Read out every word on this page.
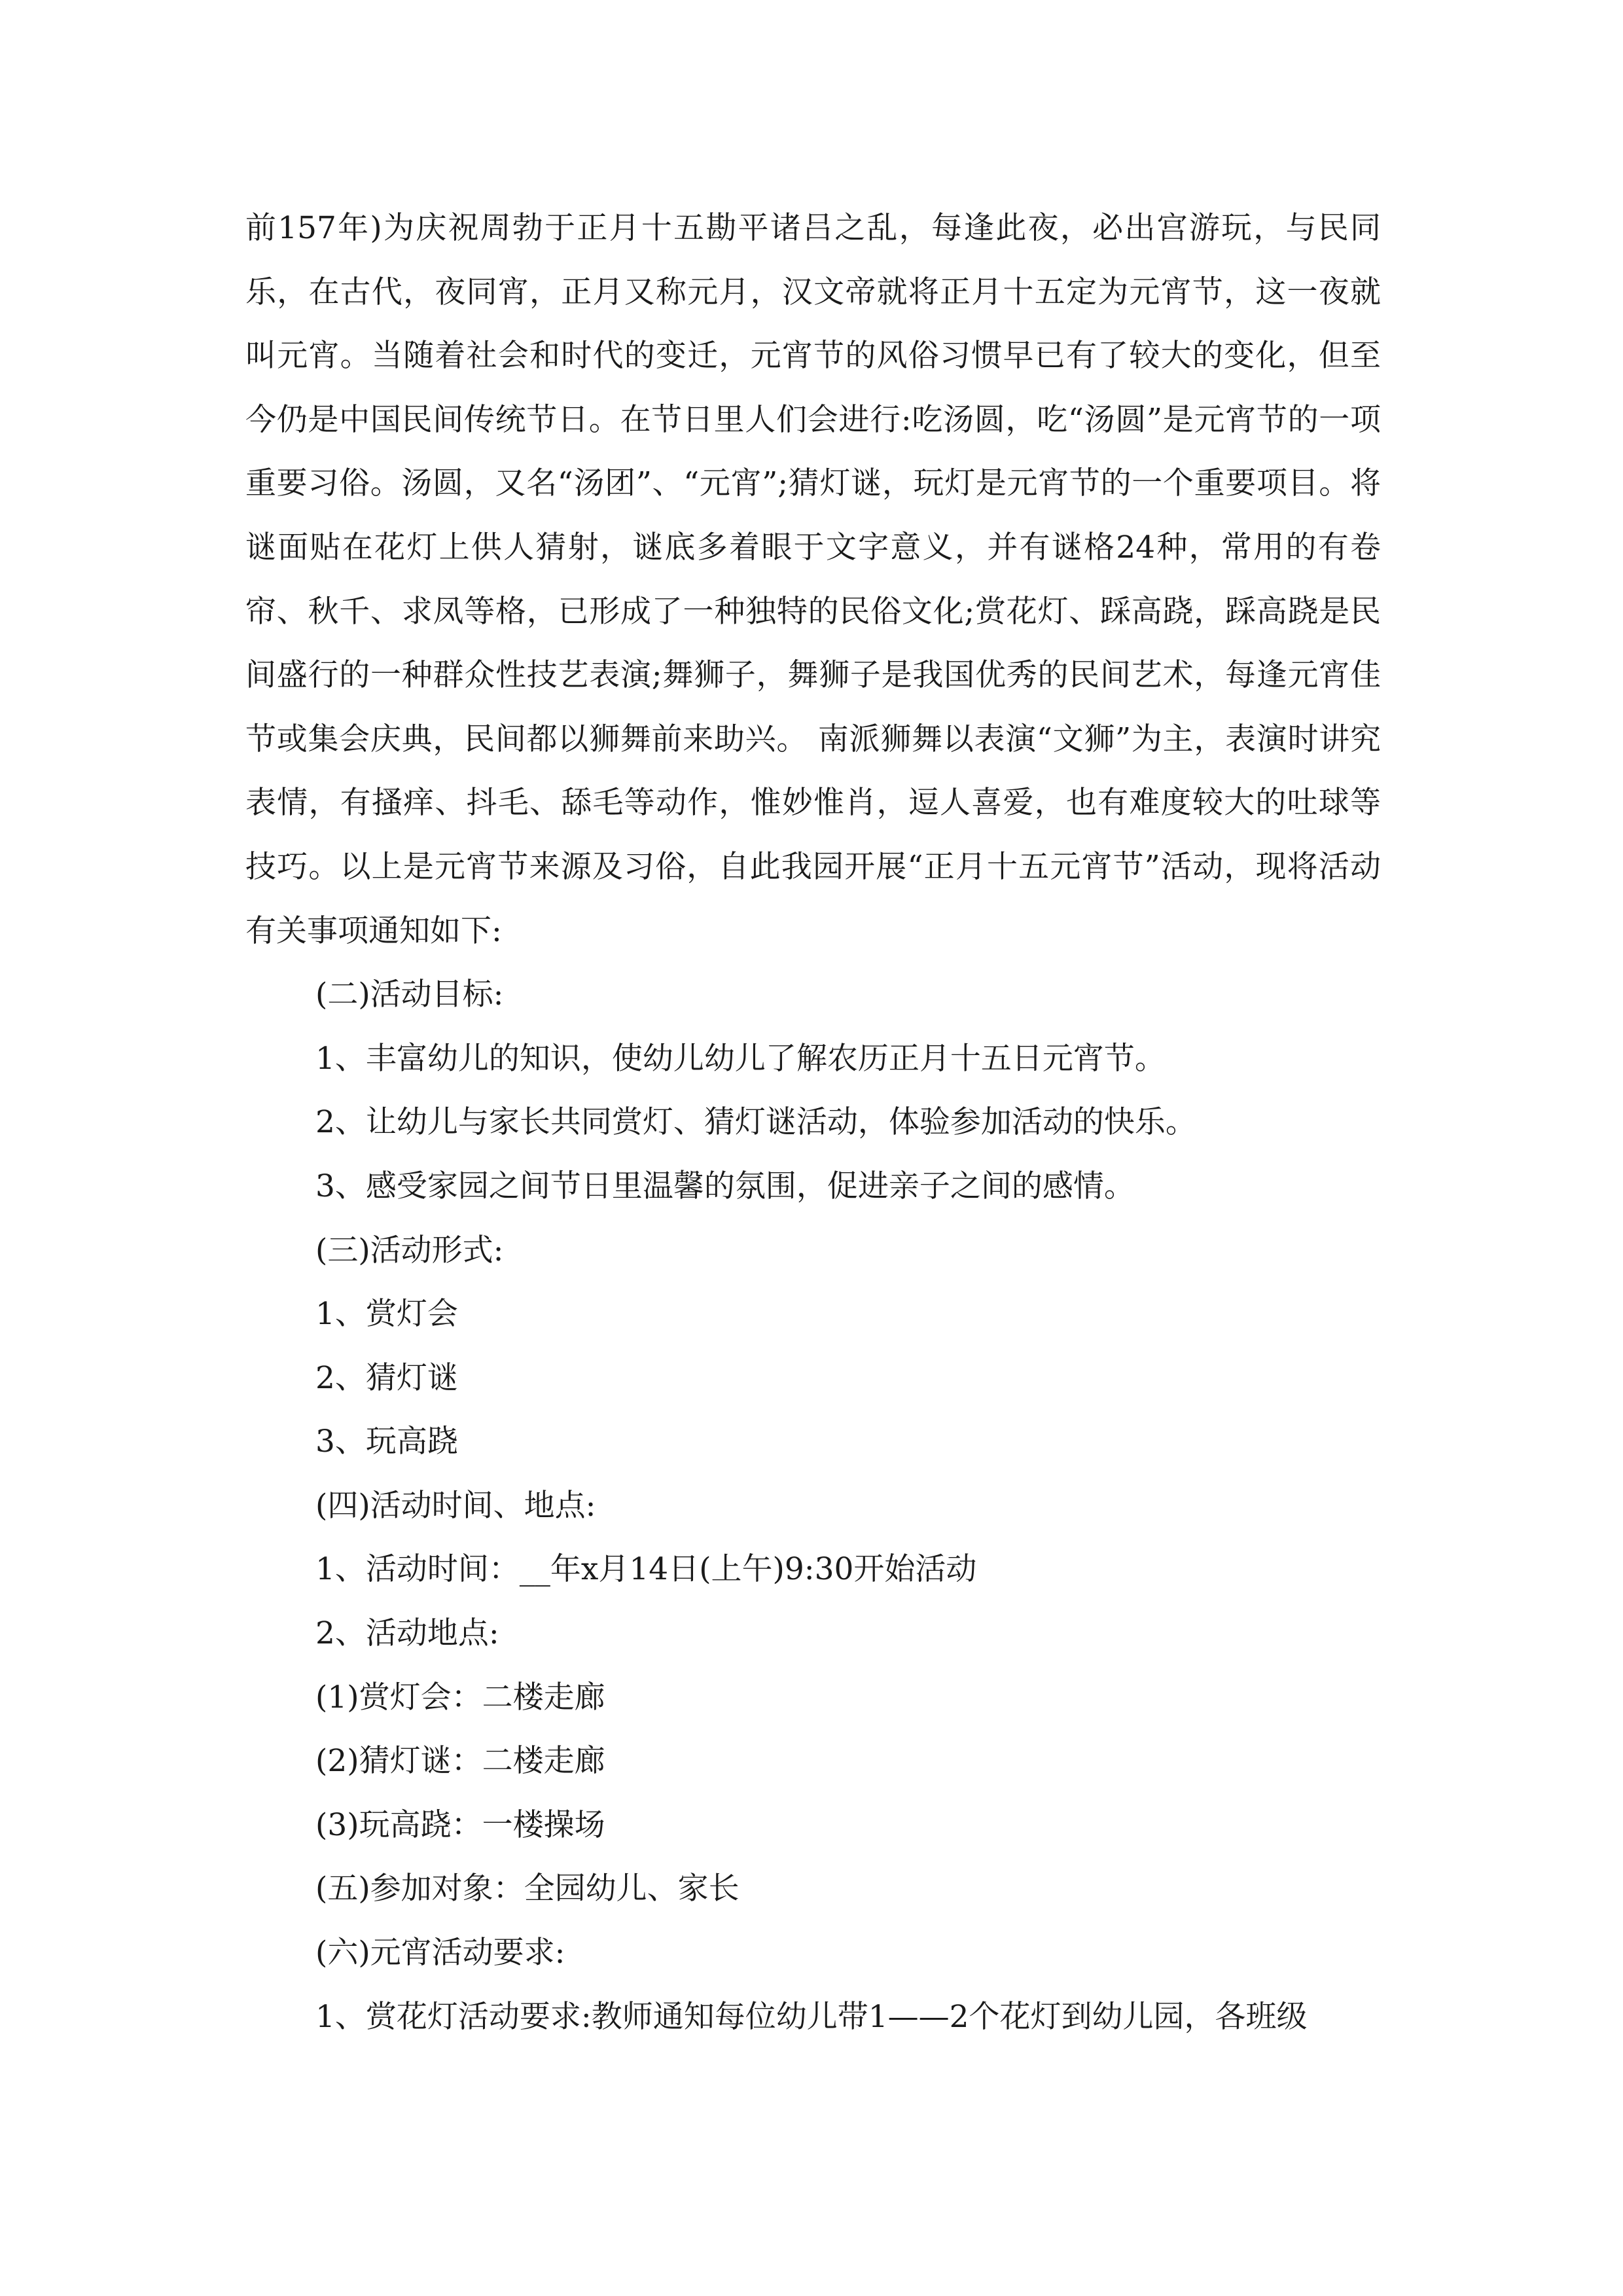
前157年)为庆祝周勃于正月十五勘平诸吕之乱，每逢此夜，必出宫游玩，与民同乐，在古代，夜同宵，正月又称元月，汉文帝就将正月十五定为元宵节，这一夜就叫元宵。当随着社会和时代的变迁，元宵节的风俗习惯早已有了较大的变化，但至今仍是中国民间传统节日。在节日里人们会进行:吃汤圆，吃“汤圆”是元宵节的一项重要习俗。汤圆，又名“汤团”、“元宵”;猜灯谜，玩灯是元宵节的一个重要项目。将谜面贴在花灯上供人猜射，谜底多着眼于文字意义，并有谜格24种，常用的有卷帘、秋千、求凤等格，已形成了一种独特的民俗文化;赏花灯、踩高跷，踩高跷是民间盛行的一种群众性技艺表演;舞狮子，舞狮子是我国优秀的民间艺术，每逢元宵佳节或集会庆典，民间都以狮舞前来助兴。 南派狮舞以表演“文狮”为主，表演时讲究表情，有搔痒、抖毛、舔毛等动作，惟妙惟肖，逗人喜爱，也有难度较大的吐球等技巧。以上是元宵节来源及习俗，自此我园开展“正月十五元宵节”活动，现将活动有关事项通知如下:

(二)活动目标:

1、丰富幼儿的知识，使幼儿幼儿了解农历正月十五日元宵节。

2、让幼儿与家长共同赏灯、猜灯谜活动，体验参加活动的快乐。

3、感受家园之间节日里温馨的氛围，促进亲子之间的感情。

(三)活动形式:

1、赏灯会

2、猜灯谜

3、玩高跷

(四)活动时间、地点:

1、活动时间：__年x月14日(上午)9:30开始活动

2、活动地点:

(1)赏灯会：二楼走廊

(2)猜灯谜：二楼走廊

(3)玩高跷：一楼操场

(五)参加对象：全园幼儿、家长

(六)元宵活动要求:

1、赏花灯活动要求:教师通知每位幼儿带1——2个花灯到幼儿园，各班级
